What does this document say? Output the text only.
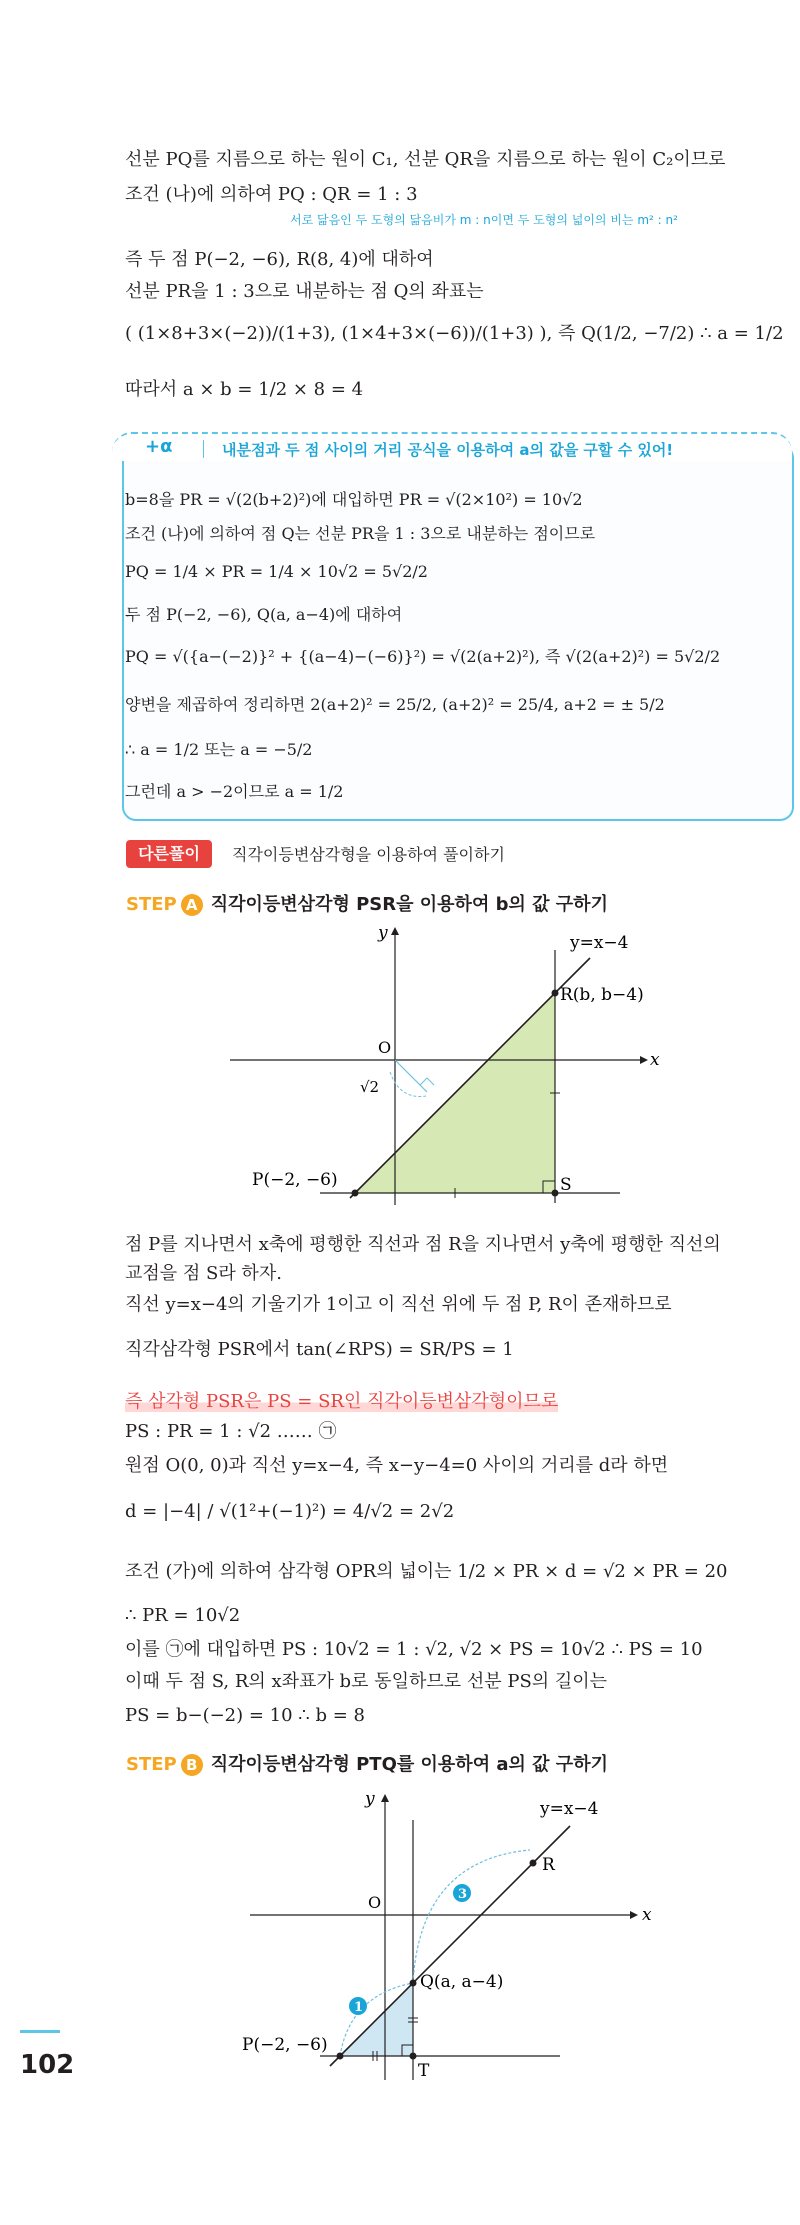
선분 PQ를 지름으로 하는 원이 C₁, 선분 QR을 지름으로 하는 원이 C₂이므로
조건 (나)에 의하여 PQ : QR = 1 : 3
서로 닮음인 두 도형의 닮음비가 m : n이면 두 도형의 넓이의 비는 m² : n²
즉 두 점 P(−2, −6), R(8, 4)에 대하여
선분 PR을 1 : 3으로 내분하는 점 Q의 좌표는
( (1×8+3×(−2))/(1+3), (1×4+3×(−6))/(1+3) ), 즉 Q(1/2, −7/2) ∴ a = 1/2
따라서 a × b = 1/2 × 8 = 4
+α	내분점과 두 점 사이의 거리 공식을 이용하여 a의 값을 구할 수 있어!
b=8을 PR = √(2(b+2)²)에 대입하면 PR = √(2×10²) = 10√2
조건 (나)에 의하여 점 Q는 선분 PR을 1 : 3으로 내분하는 점이므로
PQ = 1/4 × PR = 1/4 × 10√2 = 5√2/2
두 점 P(−2, −6), Q(a, a−4)에 대하여
PQ = √({a−(−2)}² + {(a−4)−(−6)}²) = √(2(a+2)²), 즉 √(2(a+2)²) = 5√2/2
양변을 제곱하여 정리하면 2(a+2)² = 25/2, (a+2)² = 25/4, a+2 = ± 5/2
∴ a = 1/2 또는 a = −5/2
그런데 a > −2이므로 a = 1/2
다른풀이	직각이등변삼각형을 이용하여 풀이하기
STEP A 직각이등변삼각형 PSR을 이용하여 b의 값 구하기
x
y
O
y=x−4
R(b, b−4)
P(−2, −6)	S
√2
점 P를 지나면서 x축에 평행한 직선과 점 R을 지나면서 y축에 평행한 직선의
교점을 점 S라 하자.
직선 y=x−4의 기울기가 1이고 이 직선 위에 두 점 P, R이 존재하므로
직각삼각형 PSR에서 tan(∠RPS) = SR/PS = 1
즉 삼각형 PSR은 PS = SR인 직각이등변삼각형이므로
PS : PR = 1 : √2 …… ㉠
원점 O(0, 0)과 직선 y=x−4, 즉 x−y−4=0 사이의 거리를 d라 하면
d = |−4| / √(1²+(−1)²) = 4/√2 = 2√2
조건 (가)에 의하여 삼각형 OPR의 넓이는 1/2 × PR × d = √2 × PR = 20
∴ PR = 10√2
이를 ㉠에 대입하면 PS : 10√2 = 1 : √2, √2 × PS = 10√2 ∴ PS = 10
이때 두 점 S, R의 x좌표가 b로 동일하므로 선분 PS의 길이는
PS = b−(−2) = 10 ∴ b = 8
STEP B 직각이등변삼각형 PTQ를 이용하여 a의 값 구하기
1
3
x
y
O
y=x−4
R
Q(a, a−4)
P(−2, −6)
T
102
